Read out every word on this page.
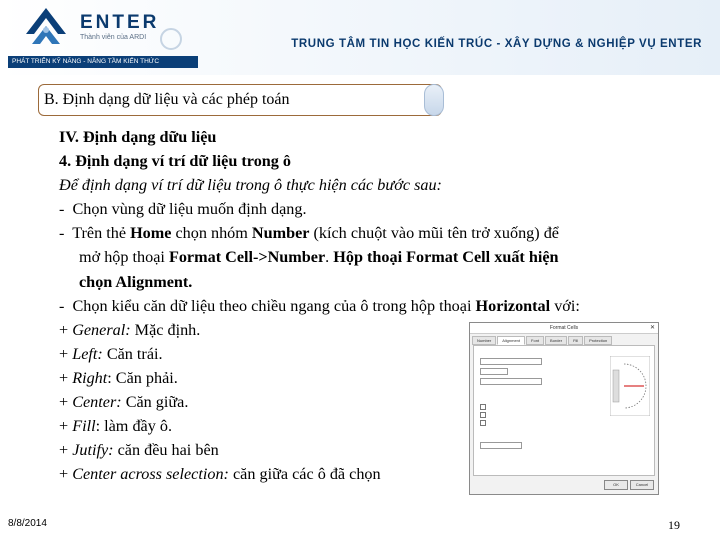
ENTER
Thành viên của ARDI
PHÁT TRIỂN KỸ NĂNG - NÂNG TẦM KIẾN THỨC
TRUNG TÂM TIN HỌC KIẾN TRÚC - XÂY DỰNG & NGHIỆP VỤ ENTER
B. Định dạng dữ liệu và các phép toán
IV. Định dạng dữu liệu
4. Định dạng ví trí dữ liệu trong ô
Để định dạng ví trí dữ liệu trong ô thực hiện các bước sau:
-  Chọn vùng dữ liệu muốn định dạng.
-  Trên thẻ Home chọn nhóm Number (kích chuột vào mũi tên trở xuống) để
mở hộp thoại Format Cell->Number. Hộp thoại Format Cell xuất hiện
chọn Alignment.
-  Chọn kiểu căn dữ liệu theo chiều ngang của ô trong hộp thoại Horizontal với:
+ General: Mặc định.
+ Left: Căn trái.
+ Right: Căn phải.
+ Center: Căn giữa.
+ Fill: làm đầy ô.
+ Jutify: căn đều hai bên
+ Center across selection: căn giữa các ô đã chọn
Format Cells	✕
Number	Alignment	Font	Border	Fill	Protection
OK	Cancel
8/8/2014	19
